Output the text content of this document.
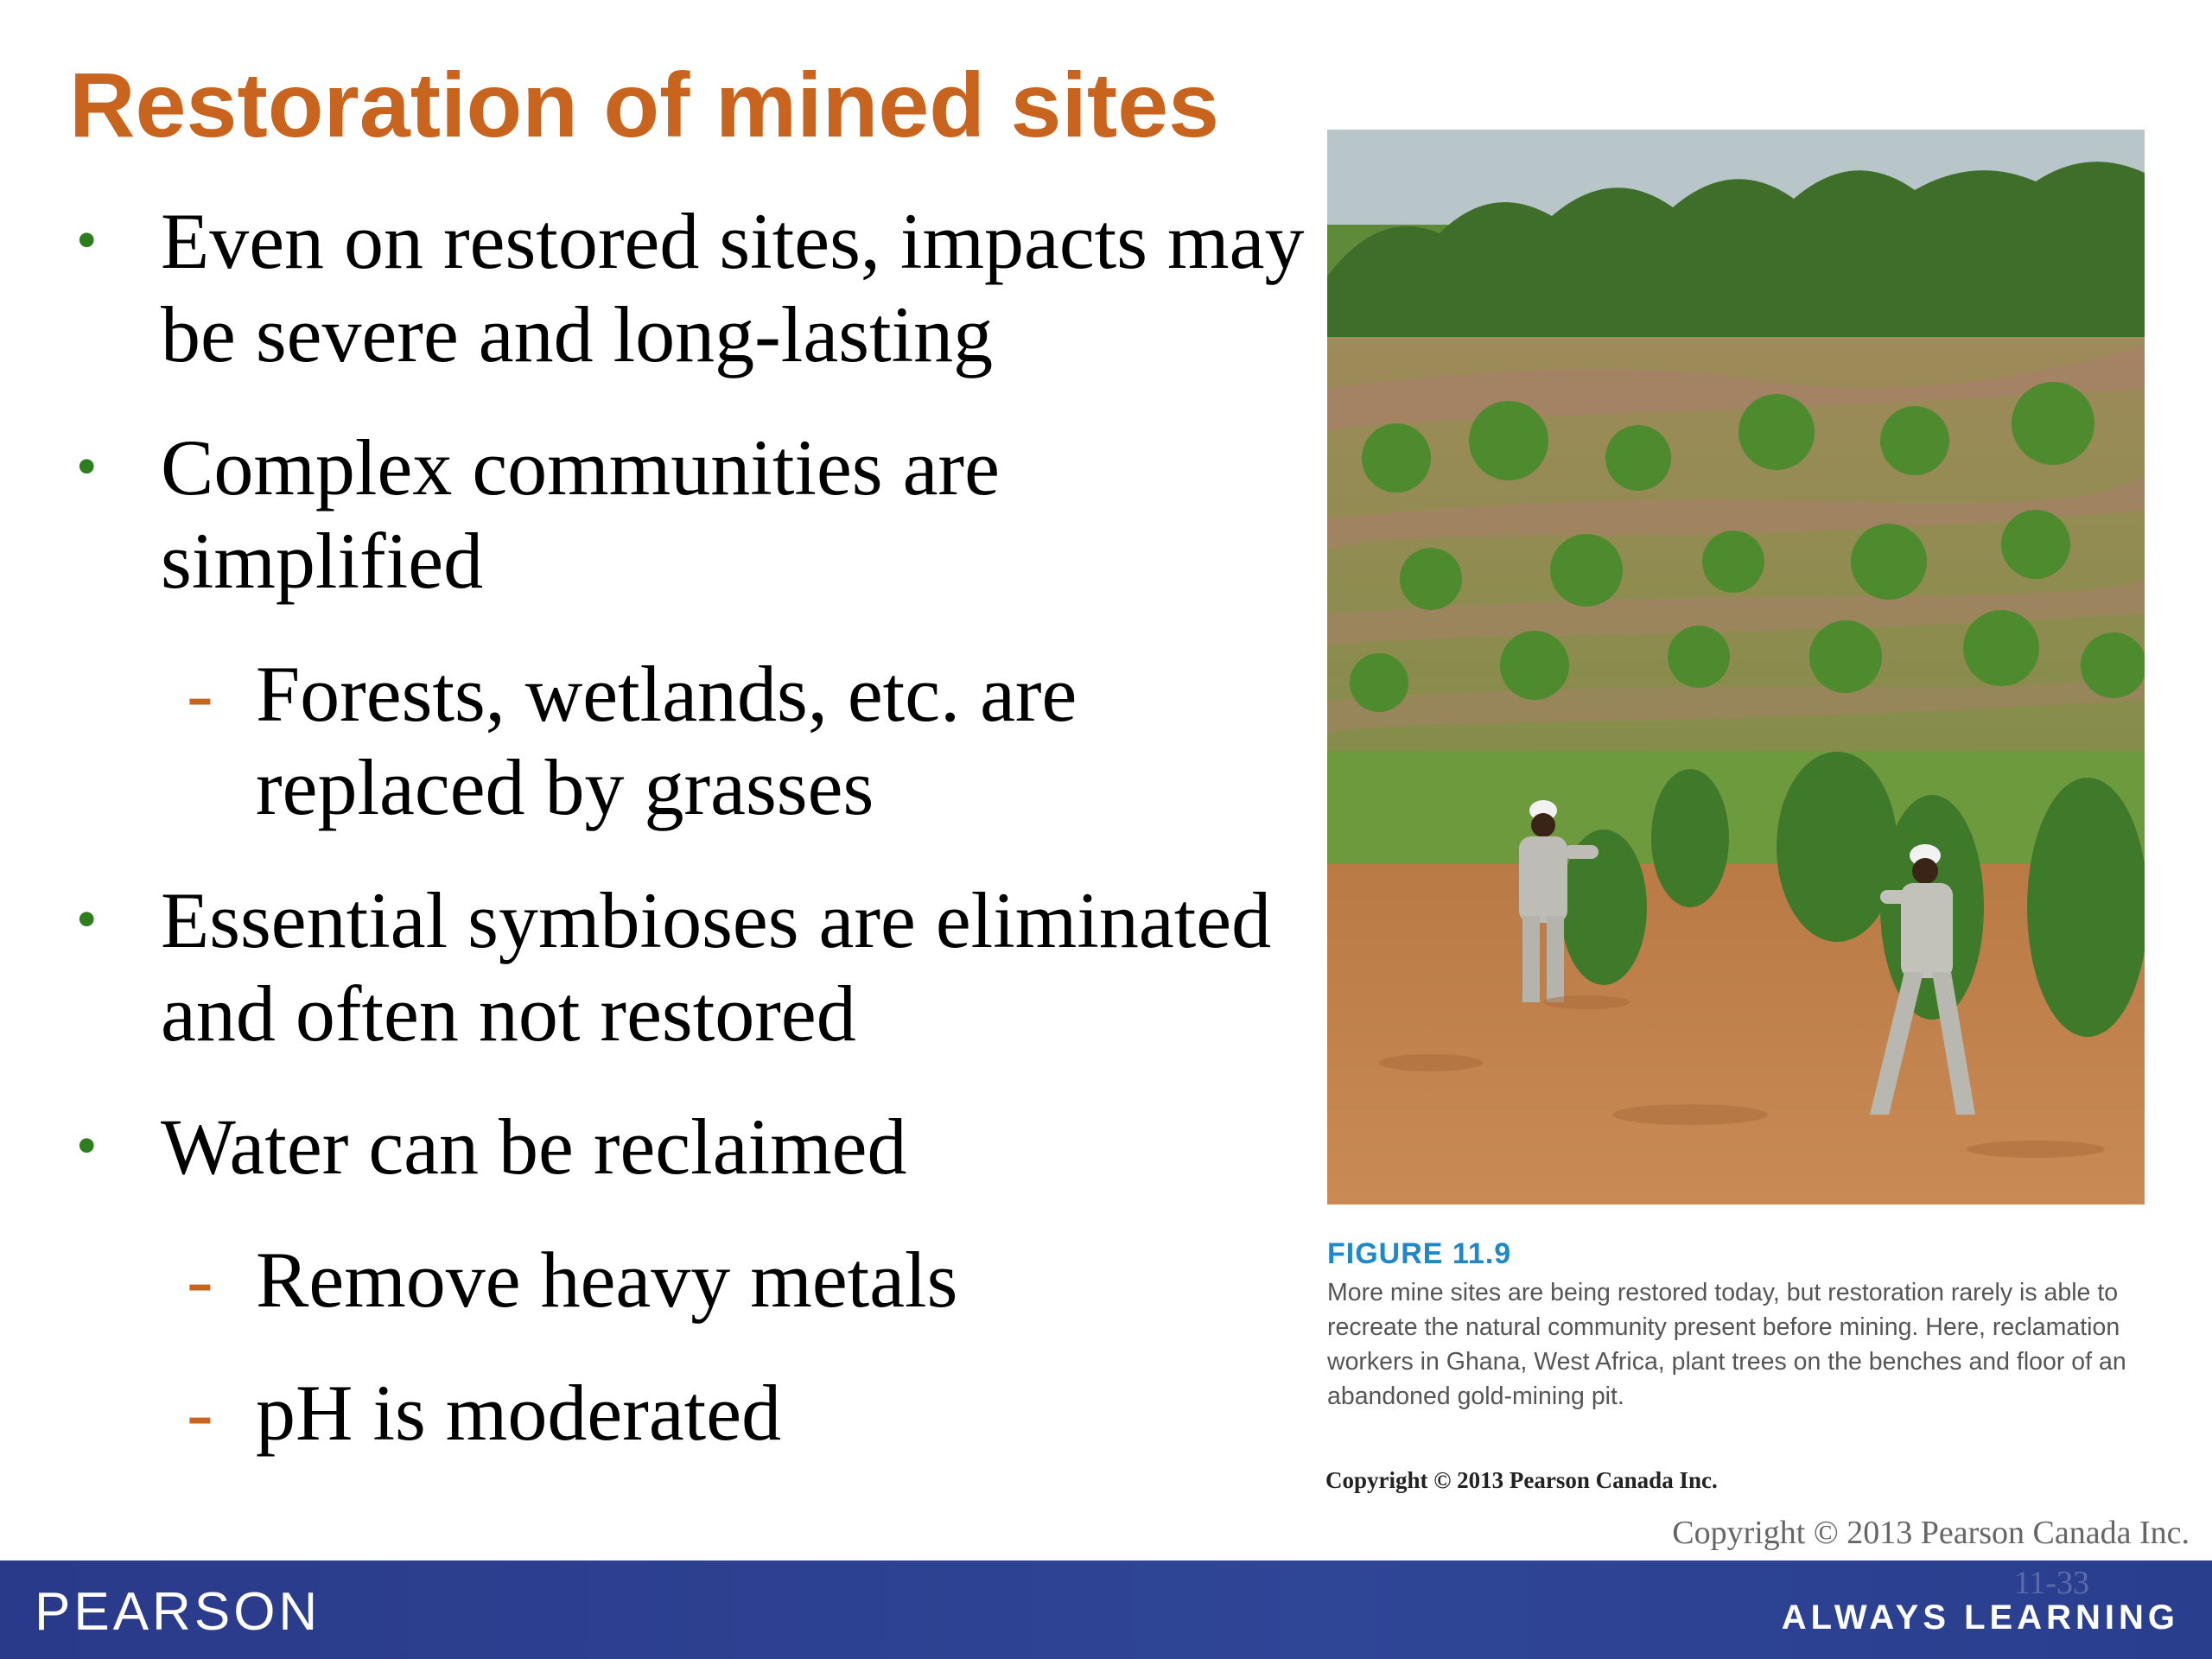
Restoration of mined sites
• Even on restored sites, impacts may be severe and long-lasting
• Complex communities are simplified
- Forests, wetlands, etc. are replaced by grasses
• Essential symbioses are eliminated and often not restored
• Water can be reclaimed
- Remove heavy metals
- pH is moderated
FIGURE 11.9
More mine sites are being restored today, but restoration rarely is able to recreate the natural community present before mining. Here, reclamation workers in Ghana, West Africa, plant trees on the benches and floor of an abandoned gold-mining pit.
Copyright © 2013 Pearson Canada Inc.
Copyright © 2013 Pearson Canada Inc.
PEARSON	11-33
ALWAYS LEARNING
